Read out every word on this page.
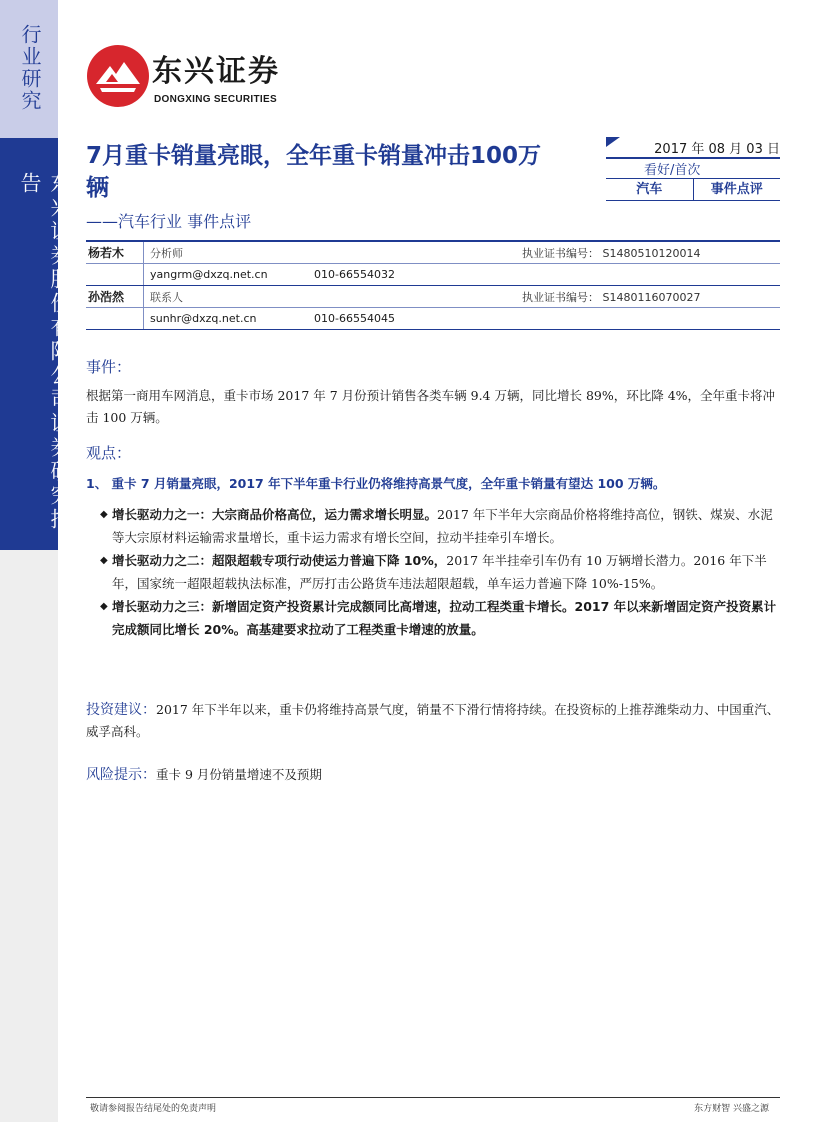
行业研究
东兴证券股份有限公司证券研究报告
东兴证券
DONGXING SECURITIES
7月重卡销量亮眼，全年重卡销量冲击100万辆
——汽车行业 事件点评
2017 年 08 月 03 日
看好/首次
汽车	事件点评
杨若木	分析师	执业证书编号： S1480510120014
yangrm@dxzq.net.cn	010-66554032
孙浩然	联系人	执业证书编号： S1480116070027
sunhr@dxzq.net.cn	010-66554045
事件：
根据第一商用车网消息，重卡市场 2017 年 7 月份预计销售各类车辆 9.4 万辆，同比增长 89%，环比降 4%，全年重卡将冲击 100 万辆。
观点：
1、 重卡 7 月销量亮眼，2017 年下半年重卡行业仍将维持高景气度，全年重卡销量有望达 100 万辆。
◆ 增长驱动力之一：大宗商品价格高位，运力需求增长明显。2017 年下半年大宗商品价格将维持高位，钢铁、煤炭、水泥等大宗原材料运输需求量增长，重卡运力需求有增长空间，拉动半挂牵引车增长。
◆ 增长驱动力之二：超限超载专项行动使运力普遍下降 10%，2017 年半挂牵引车仍有 10 万辆增长潜力。2016 年下半年，国家统一超限超载执法标准，严厉打击公路货车违法超限超载，单车运力普遍下降 10%-15%。
◆ 增长驱动力之三：新增固定资产投资累计完成额同比高增速，拉动工程类重卡增长。2017 年以来新增固定资产投资累计完成额同比增长 20%。高基建要求拉动了工程类重卡增速的放量。
投资建议：2017 年下半年以来，重卡仍将维持高景气度，销量不下滑行情将持续。在投资标的上推荐潍柴动力、中国重汽、威孚高科。
风险提示：重卡 9 月份销量增速不及预期
敬请参阅报告结尾处的免责声明	东方财智 兴盛之源
